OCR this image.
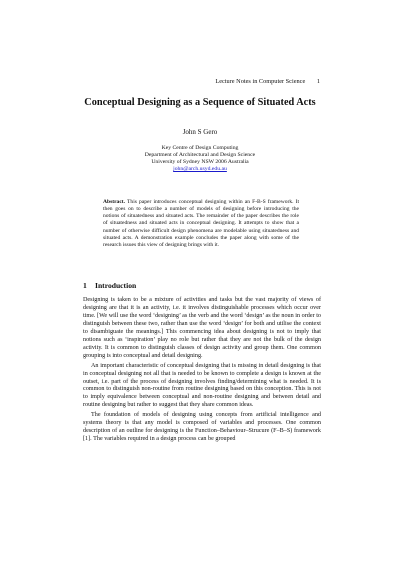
Lecture Notes in Computer Science 1
Conceptual Designing as a Sequence of Situated Acts
John S Gero
Key Centre of Design Computing
Department of Architectural and Design Science
University of Sydney NSW 2006 Australia
john@arch.usyd.edu.au
Abstract. This paper introduces conceptual designing within an F-B-S framework. It then goes on to describe a number of models of designing before introducing the notions of situatedness and situated acts. The remainder of the paper describes the role of situatedness and situated acts in conceptual designing. It attempts to show that a number of otherwise difficult design phenomena are modelable using situatedness and situated acts. A demonstration example concludes the paper along with some of the research issues this view of designing brings with it.
1 Introduction

Designing is taken to be a mixture of activities and tasks but the vast majority of views of designing are that it is an activity, i.e. it involves distinguishable processes which occur over time. [We will use the word ‘designing’ as the verb and the word ‘design’ as the noun in order to distinguish between these two, rather than use the word ‘design’ for both and utilise the context to disambiguate the meanings.] This commencing idea about designing is not to imply that notions such as ‘inspiration’ play no role but rather that they are not the bulk of the design activity. It is common to distinguish classes of design activity and group them. One common grouping is into conceptual and detail designing.

An important characteristic of conceptual designing that is missing in detail designing is that in conceptual designing not all that is needed to be known to complete a design is known at the outset, i.e. part of the process of designing involves finding/determining what is needed. It is common to distinguish non-routine from routine designing based on this conception. This is not to imply equivalence between conceptual and non-routine designing and between detail and routine designing but rather to suggest that they share common ideas.

The foundation of models of designing using concepts from artificial intelligence and systems theory is that any model is composed of variables and processes. One common description of an outline for designing is the Function–Behaviour–Strucure (F–B–S) framework [1]. The variables required in a design process can be grouped
